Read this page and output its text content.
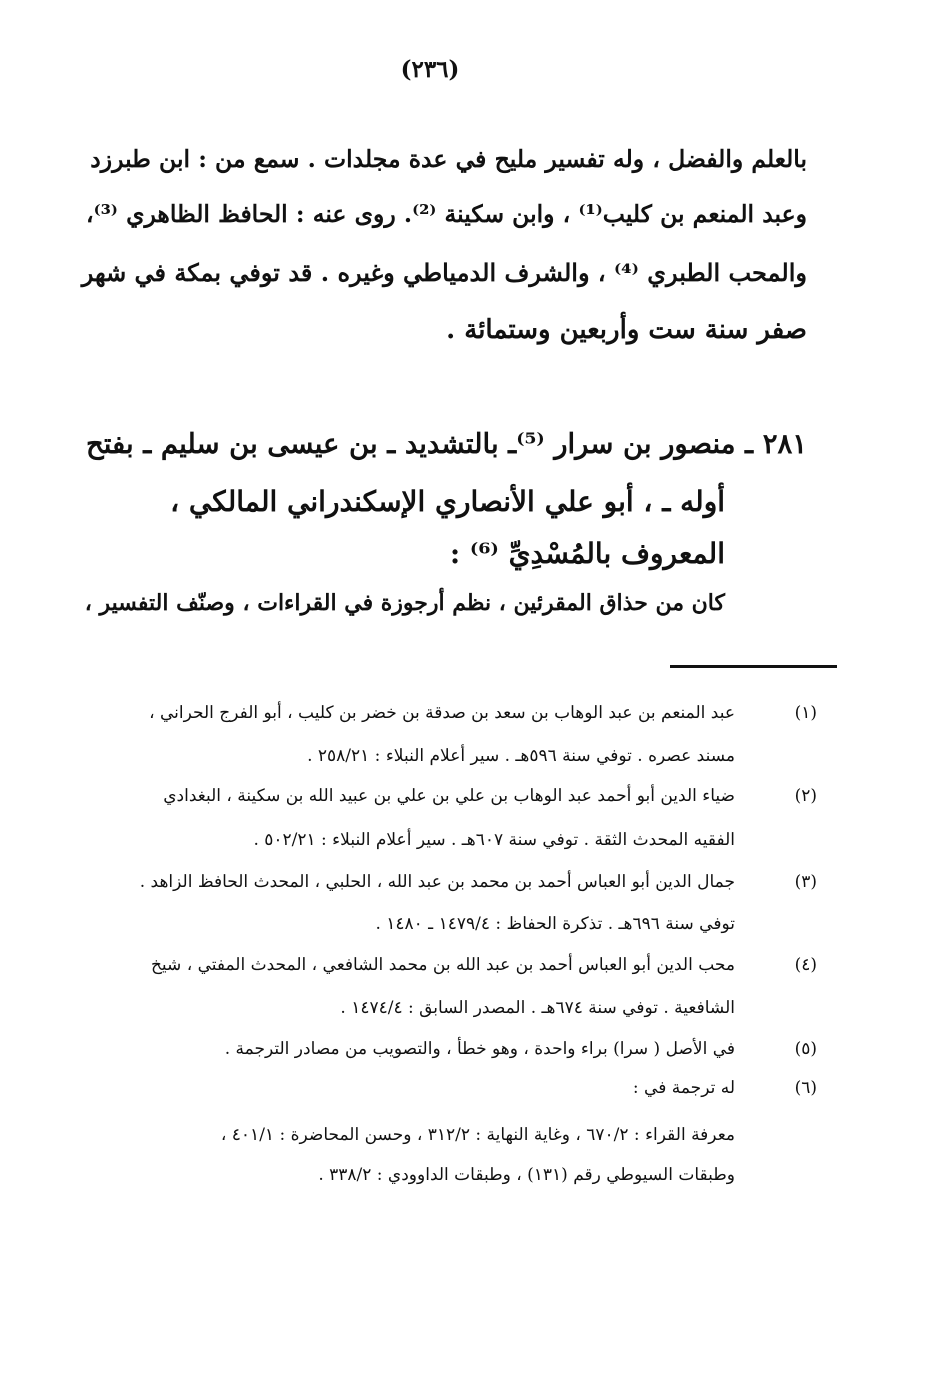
(٢٣٦)
بالعلم والفضل ، وله تفسير مليح في عدة مجلدات . سمع من : ابن طبرزد
وعبد المنعم بن كليب⁽¹⁾ ، وابن سكينة ⁽²⁾. روى عنه : الحافظ الظاهري ⁽³⁾،
والمحب الطبري ⁽⁴⁾ ، والشرف الدمياطي وغيره . قد توفي بمكة في شهر
صفر سنة ست وأربعين وستمائة .
٢٨١ ـ منصور بن سرار ⁽⁵⁾ـ بالتشديد ـ بن عيسى بن سليم ـ بفتح
أوله ـ ، أبو علي الأنصاري الإسكندراني المالكي ،
المعروف بالمُسْدِيِّ ⁽⁶⁾ :
كان من حذاق المقرئين ، نظم أرجوزة في القراءات ، وصنّف التفسير ،
(١)
عبد المنعم بن عبد الوهاب بن سعد بن صدقة بن خضر بن كليب ، أبو الفرج الحراني ،
مسند عصره . توفي سنة ٥٩٦هـ . سير أعلام النبلاء : ٢٥٨/٢١ .
(٢)
ضياء الدين أبو أحمد عبد الوهاب بن علي بن علي بن عبيد الله بن سكينة ، البغدادي
الفقيه المحدث الثقة . توفي سنة ٦٠٧هـ . سير أعلام النبلاء : ٥٠٢/٢١ .
(٣)
جمال الدين أبو العباس أحمد بن محمد بن عبد الله ، الحلبي ، المحدث الحافظ الزاهد .
توفي سنة ٦٩٦هـ . تذكرة الحفاظ : ١٤٧٩/٤ ـ ١٤٨٠ .
(٤)
محب الدين أبو العباس أحمد بن عبد الله بن محمد الشافعي ، المحدث المفتي ، شيخ
الشافعية . توفي سنة ٦٧٤هـ . المصدر السابق : ١٤٧٤/٤ .
(٥)
في الأصل ( سرا) براء واحدة ، وهو خطأ ، والتصويب من مصادر الترجمة .
(٦)
له ترجمة في :
معرفة القراء : ٦٧٠/٢ ، وغاية النهاية : ٣١٢/٢ ، وحسن المحاضرة : ٤٠١/١ ،
وطبقات السيوطي رقم (١٣١) ، وطبقات الداوودي : ٣٣٨/٢ .
